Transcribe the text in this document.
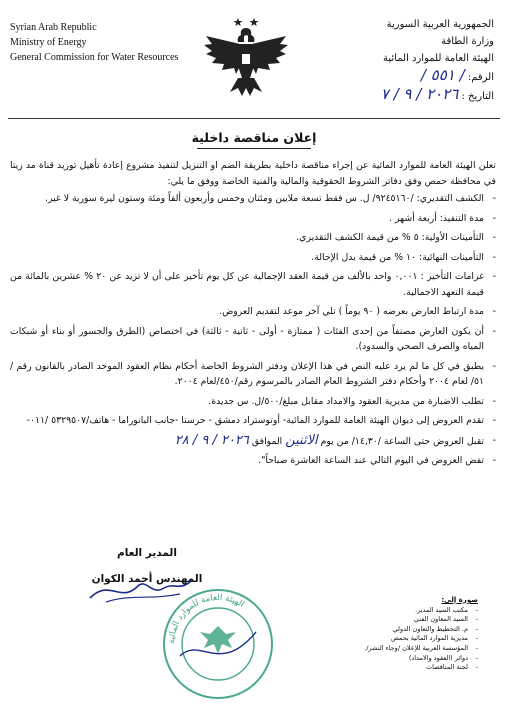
Syrian Arab Republic
Ministry of Energy
General Commission for Water Resources
الجمهورية العربية السورية
وزارة الطاقة
الهيئة العامة للموارد المائية
الرقم: / ٥٥١ /
التاريخ : ٢٠٢٦ / ٩ / ٧
إعلان مناقصة داخلية

تعلن الهيئة العامة للموارد المائية عن إجراء مناقصة داخلية بطريقة الضم او التنزيل لتنفيذ مشروع إعادة تأهيل توريد قناة مد زيتا في محافظة حمص وفق دفاتر الشروط الحقوقية والمالية والفنية الخاصة ووفق ما يلي:

- الكشف التقديري: /٩٢٤٥١٦٠/ ل. س فقط تسعة ملايين ومئتان وخمس وأربعون ألفاً ومئة وستون ليرة سورية لا غير.
- مدة التنفيذ: أربعة أشهر .
- التأمينات الأولية: ٥ % من قيمة الكشف التقديري.
- التأمينات النهائية: ١٠ % من قيمة بدل الإحالة.
- غرامات التأخير : ٠,٠٠١ واحد بالألف من قيمة العقد الإجمالية عن كل يوم تأخير على أن لا تزيد عن ٢٠ % عشرين بالمائة من قيمة التعهد الاجمالية.
- مدة ارتباط العارض بعرضه ( ٩٠ يوماً ) تلي آخر موعد لتقديم العروض.
- أن يكون العارض مصنفاً من إحدى الفئات ( ممتازة - أولى - ثانية - ثالثة) في اختصاص (الطرق والجسور أو بناء أو شبكات المياه والصرف الصحي والسدود).
- يطبق في كل ما لم يرد عليه النص في هذا الإعلان ودفتر الشروط الخاصة أحكام نظام العقود الموحد الصادر بالقانون رقم /٥١/ لعام ٢٠٠٤ وأحكام دفتر الشروط العام الصادر بالمرسوم رقم/٤٥٠/لعام ٢٠٠٤.
- تطلب الاضبارة من مديرية العقود والامداد مقابل مبلغ/٥٠٠/ل. س جديدة.
- تقدم العروض إلى ديوان الهيئة العامة للموارد المائية- أوتوستراد دمشق - حرستا -جانب البانوراما - هاتف/٥٣٢٩٥٠٧ /٠١١-
- تقبل العروض حتى الساعة /١٤,٣٠/ من يوم الاثنين الموافق ٢٠٢٦ / ٩ / ٢٨
- تفض العروض في اليوم التالي عند الساعة العاشرة صباحاً".
المدير العام
المهندس أحمد الكوان
الهيئة العامة للموارد المائية
صورة إلى:
- مكتب السيد المدير.
- السيد المعاون الفني
- م. التخطيط والتعاون الدولي
- مديرية الموارد المائية بحمص
- المؤسسة العربية للإعلان /وجاء النشر/.
- دوائر (العقود والامداد)
- لجنة المناقصات
